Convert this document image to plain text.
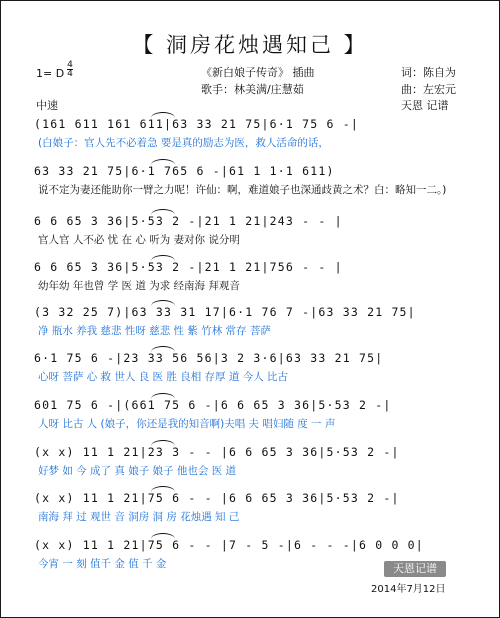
【 洞房花烛遇知己 】
1= D
4
4	《新白娘子传奇》 插曲
歌手：林美满/庄慧茹
词：陈自为
曲：左宏元
天恩 记谱
中速
(161 611 161 611|63 33 21 75|6·1 75 6 -|
(白娘子：官人先不必着急 要是真的励志为医，救人活命的话，
63 33 21 75|6·1 765 6 -|61 1 1·1 611)
说不定为妻还能助你一臂之力呢！许仙：啊，难道娘子也深通歧黄之术？白：略知一二。)
6 6 65 3 36|5·53 2 -|21 1 21|243 - - |
官人官 人不必 忧 在 心 听为 妻对你 说分明
6 6 65 3 36|5·53 2 -|21 1 21|756 - - |
幼年幼 年也曾 学 医 道 为求 经南海 拜观音
(3 32 25 7)|63 33 31 17|6·1 76 7 -|63 33 21 75|
净 瓶水 养我 慈悲 性呀 慈悲 性 紫 竹林 常存 菩萨
6·1 75 6 -|23 33 56 56|3 2 3·6|63 33 21 75|
心呀 菩萨 心 救 世人 良 医 胜 良相 存厚 道 今人 比古
601 75 6 -|(661 75 6 -|6 6 65 3 36|5·53 2 -|
人呀 比古 人 (娘子，你还是我的知音啊)夫唱 夫 唱妇随 度 一 声
(x x) 11 1 21|23 3 - - |6 6 65 3 36|5·53 2 -|
好梦 如 今 成了 真 娘子 娘子 他也会 医 道
(x x) 11 1 21|75 6 - - |6 6 65 3 36|5·53 2 -|
南海 拜 过 观世 音 洞房 洞 房 花烛遇 知 己
(x x) 11 1 21|75 6 - - |7 - 5 -|6 - - -|6 0 0 0|
今宵 一 刻 值千 金 值 千 金	天恩记谱
2014年7月12日
